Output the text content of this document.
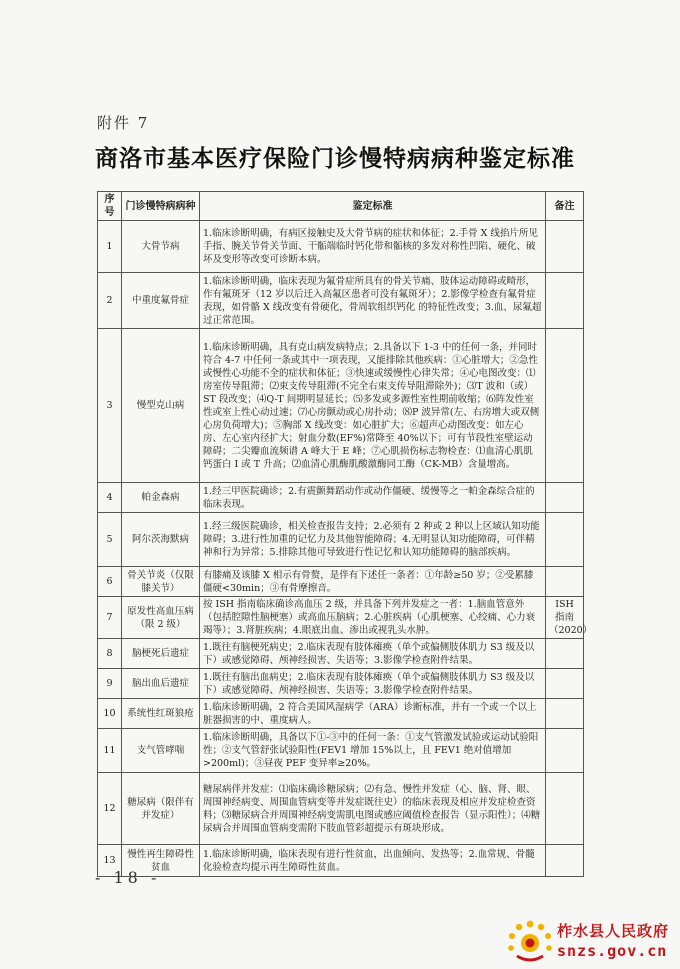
附件 7
商洛市基本医疗保险门诊慢特病病种鉴定标准
序号	门诊慢特病病种	鉴定标准	备注
1	大骨节病	1.临床诊断明确，有病区接触史及大骨节病的症状和体征；2.手骨 X 线掐片所见手指、腕关节骨关节面、干骺端临时钙化带和骺核的多发对称性凹陷、硬化、破坏及变形等改变可诊断本病。	
2	中重度氟骨症	1.临床诊断明确，临床表现为氟骨症所具有的骨关节痛、肢体运动障碍或畸形，作有氟斑牙（12 岁以后迁入高氟区患者可没有氟斑牙）；2.影像学检查有氟骨症表现，如骨骼 X 线改变有骨硬化，骨周软组织钙化 的特征性改变；3.血、尿氟超过正常范围。	
3	慢型克山病	1.临床诊断明确，具有克山病发病特点；2.具备以下 1-3 中的任何一条，并同时符合 4-7 中任何一条或其中一项表现，又能排除其他疾病：①心脏增大；②急性或慢性心功能不全的症状和体征；③快速或缓慢性心律失常；④心电图改变：⑴房室传导阻滞；⑵束支传导阻滞(不完全右束支传导阻滞除外)；⑶T 波和（或）ST 段改变；⑷Q-T 间期明显延长；⑸多发或多源性室性期前收缩；⑹阵发性室性或室上性心动过速；⑺心房颤动或心房扑动；⑻P 波异常(左、右房增大或双侧心房负荷增大)；⑤胸部 X 线改变：如心脏扩大；⑥超声心动图改变：如左心房、左心室内径扩大；射血分数(EF%)常降至 40%以下；可有节段性室壁运动障碍；二尖瓣血流频谱 A 峰大于 E 峰；⑦心肌损伤标志物检查：⑴血清心肌肌钙蛋白 I 或 T 升高；⑵血清心肌酶肌酸激酶同工酶（CK-MB）含量增高。	
4	帕金森病	1.经三甲医院确诊；2.有震颤舞蹈动作或动作僵硬、缓慢等之一帕金森综合症的临床表现。	
5	阿尔茨海默病	1.经三级医院确诊，相关检查报告支持；2.必须有 2 种或 2 种以上区域认知功能障碍；3.进行性加重的记忆力及其他智能障碍；4.无明显认知功能障碍，可伴精神和行为异常；5.排除其他可导致进行性记忆和认知功能障碍的脑部疾病。	
6	骨关节炎（仅限膝关节）	有膝痛及该膝 X 相示有骨赘，是伴有下述任一条者：①年龄≥50 岁；②受累膝僵硬<30min；③有骨摩擦音。	
7	原发性高血压病（限 2 级）	按 ISH 指南临床确诊高血压 2 级，并具备下列并发症之一者：1.脑血管意外（包括腔隙性脑梗塞）或高血压脑病；2.心脏疾病（心肌梗塞、心绞痛、心力衰竭等）；3.肾脏疾病；4.眼底出血、渗出或视乳头水肿。	ISH 指南（2020）
8	脑梗死后遗症	1.既往有脑梗死病史；2.临床表现有肢体瘫痪（单个或偏侧肢体肌力 S3 级及以下）或感觉障碍、颅神经损害、失语等；3.影像学检查附件结果。	
9	脑出血后遗症	1.既往有脑出血病史；2.临床表现有肢体瘫痪（单个或偏侧肢体肌力 S3 级及以下）或感觉障碍、颅神经损害、失语等；3.影像学检查附件结果。	
10	系统性红斑狼疮	1.临床诊断明确，2 符合美国风湿病学（ARA）诊断标准，并有一个或一个以上脏器损害的中、重度病人。	
11	支气管哮喘	1.临床诊断明确，具备以下①-③中的任何一条：①支气管激发试验或运动试验阳性；②支气管舒张试验阳性(FEV1 增加 15%以上，且 FEV1 绝对值增加>200ml)；③昼夜 PEF 变异率≥20%。	
12	糖尿病（限伴有并发症）	糖尿病伴并发症：⑴临床确诊糖尿病；⑵有急、慢性并发症（心、脑、肾、眼、周围神经病变、周围血管病变等并发症既往史）的临床表现及相应并发症检查资料；⑶糖尿病合并周围神经病变需肌电图或感应阈值检查报告（显示阳性）；⑷糖尿病合并周围血管病变需附下肢血管彩超提示有斑块形成。	
13	慢性再生障碍性贫血	1.临床诊断明确，临床表现有进行性贫血，出血倾向、发热等；2.血常规、骨髓化验检查均提示再生障碍性贫血。	
- 18 -
柞水县人民政府
snzs.gov.cn
